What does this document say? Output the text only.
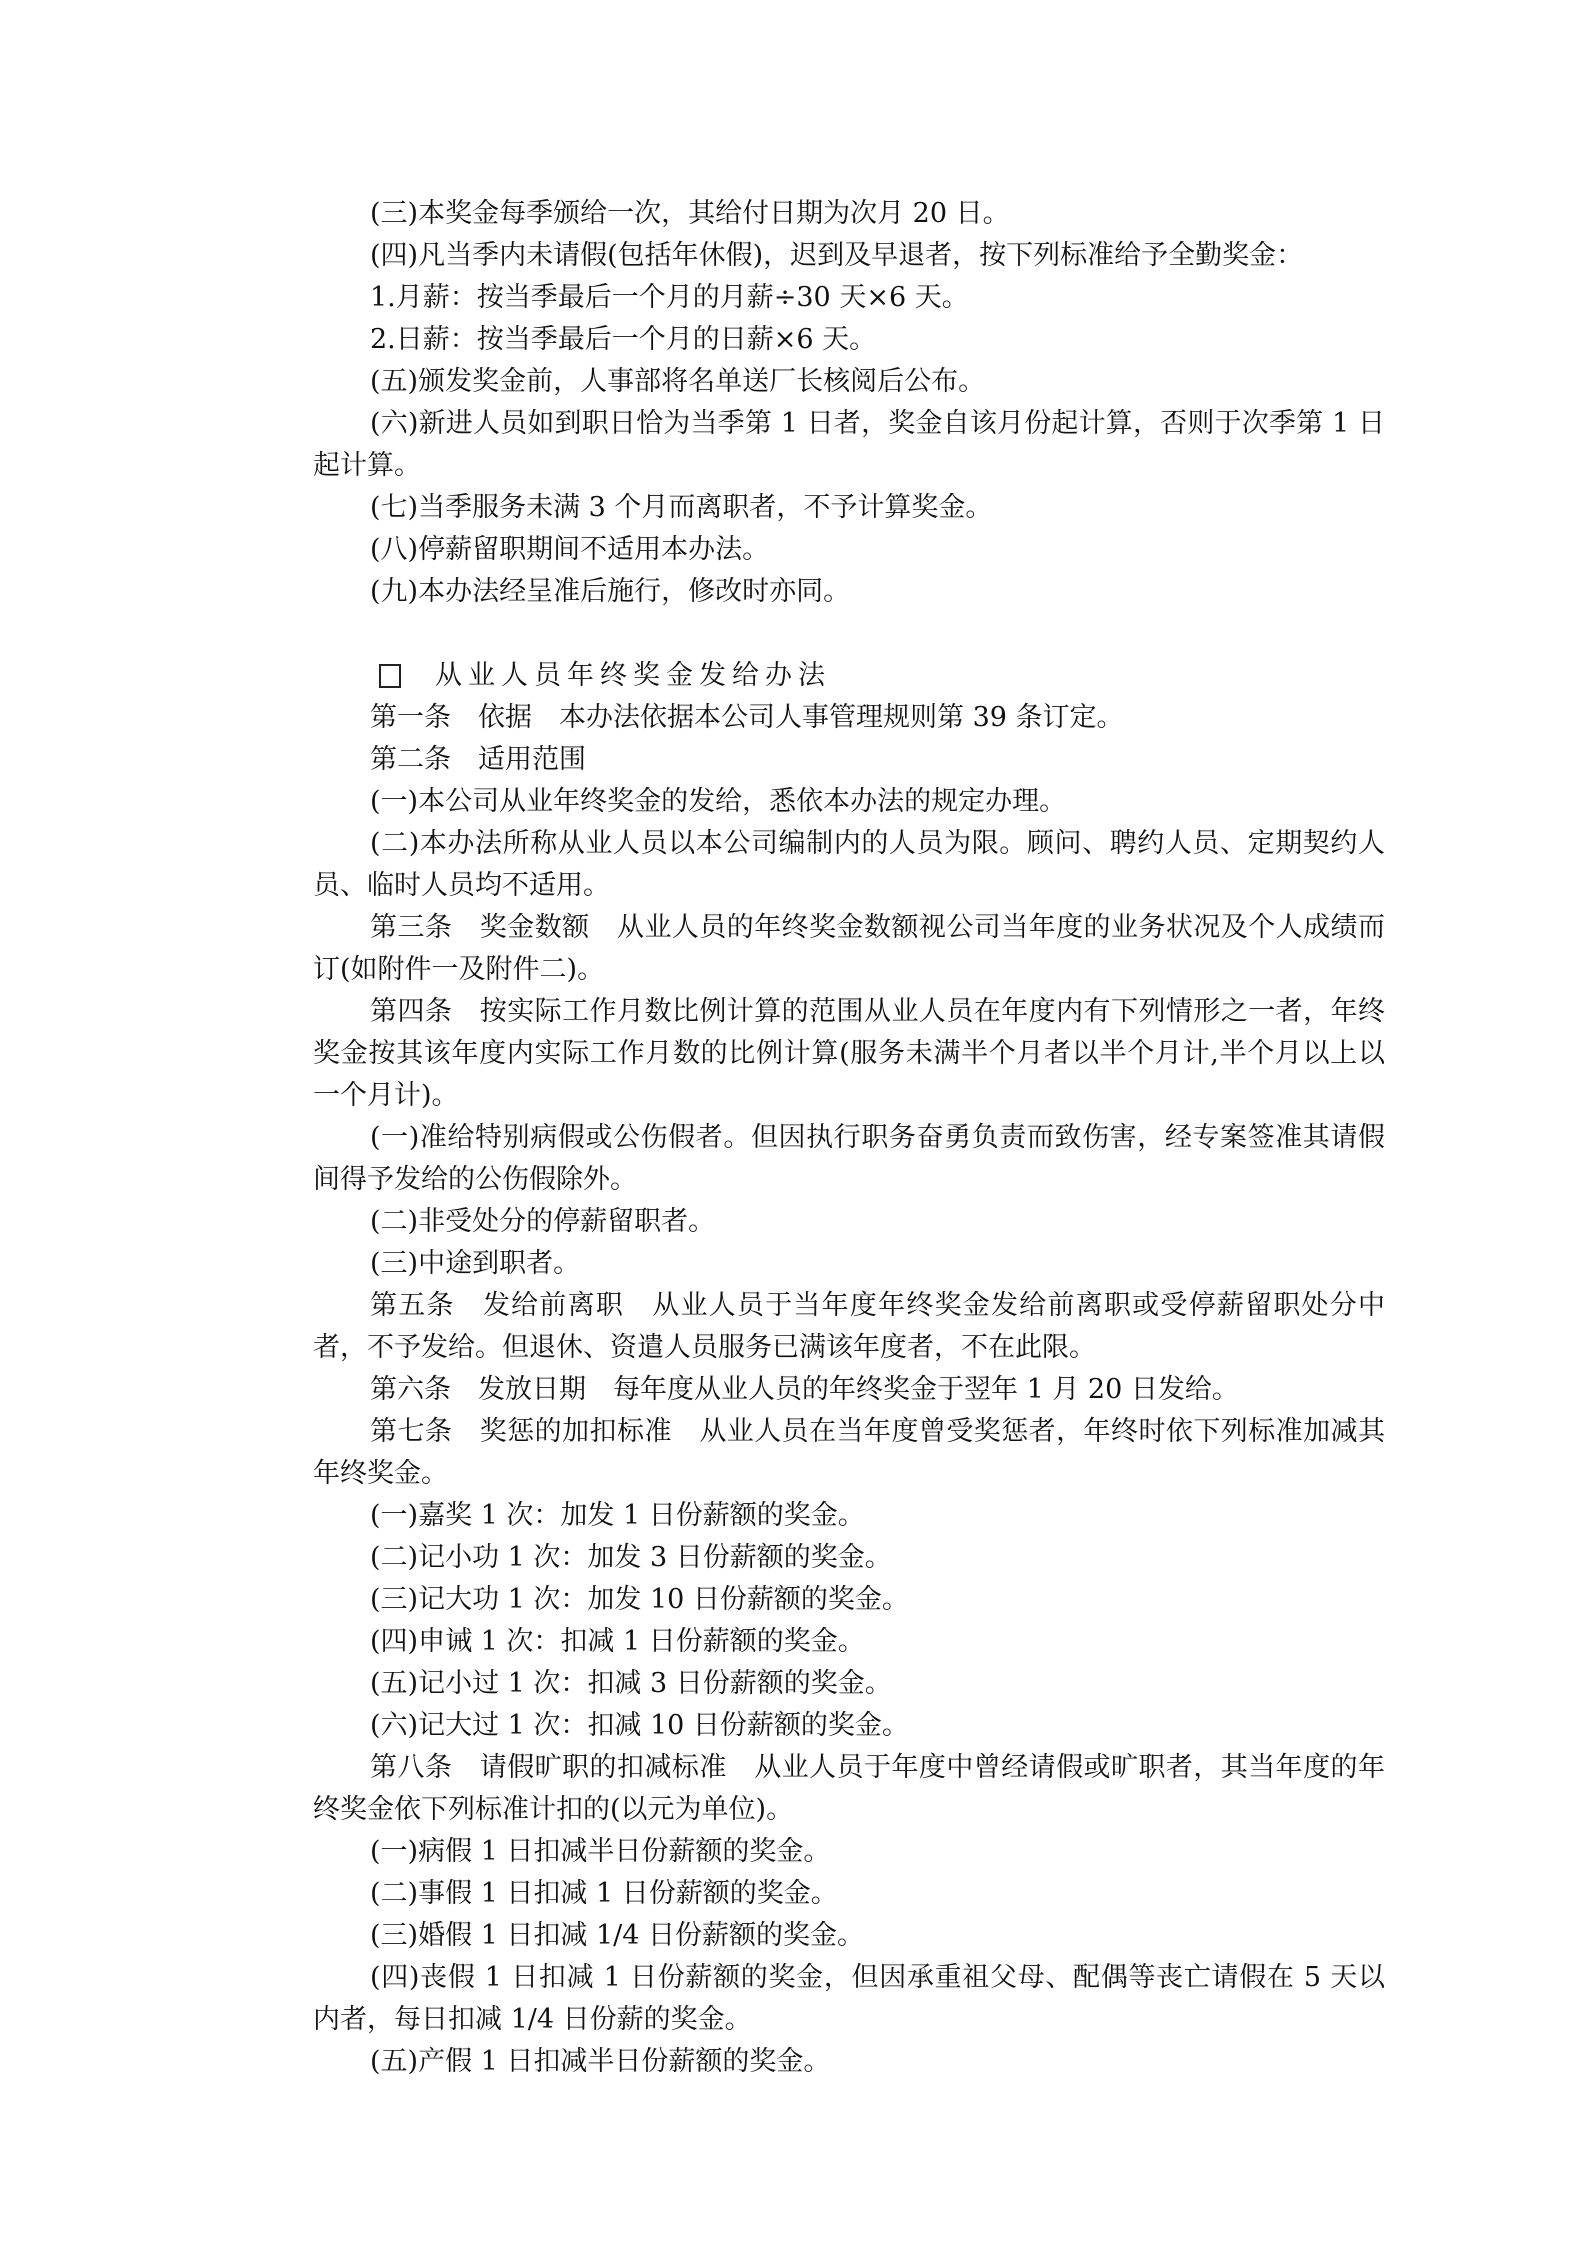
(三)本奖金每季颁给一次，其给付日期为次月 20 日。

(四)凡当季内未请假(包括年休假)，迟到及早退者，按下列标准给予全勤奖金：

1.月薪：按当季最后一个月的月薪÷30 天×6 天。

2.日薪：按当季最后一个月的日薪×6 天。

(五)颁发奖金前，人事部将名单送厂长核阅后公布。

(六)新进人员如到职日恰为当季第 1 日者，奖金自该月份起计算，否则于次季第 1 日起计算。

(七)当季服务未满 3 个月而离职者，不予计算奖金。

(八)停薪留职期间不适用本办法。

(九)本办法经呈准后施行，修改时亦同。

从业人员年终奖金发给办法

第一条　依据　本办法依据本公司人事管理规则第 39 条订定。

第二条　适用范围

(一)本公司从业年终奖金的发给，悉依本办法的规定办理。

(二)本办法所称从业人员以本公司编制内的人员为限。顾问、聘约人员、定期契约人员、临时人员均不适用。

第三条　奖金数额　从业人员的年终奖金数额视公司当年度的业务状况及个人成绩而订(如附件一及附件二)。

第四条　按实际工作月数比例计算的范围从业人员在年度内有下列情形之一者，年终奖金按其该年度内实际工作月数的比例计算(服务未满半个月者以半个月计,半个月以上以一个月计)。

(一)准给特别病假或公伤假者。但因执行职务奋勇负责而致伤害，经专案签准其请假间得予发给的公伤假除外。

(二)非受处分的停薪留职者。

(三)中途到职者。

第五条　发给前离职　从业人员于当年度年终奖金发给前离职或受停薪留职处分中者，不予发给。但退休、资遣人员服务已满该年度者，不在此限。

第六条　发放日期　每年度从业人员的年终奖金于翌年 1 月 20 日发给。

第七条　奖惩的加扣标准　从业人员在当年度曾受奖惩者，年终时依下列标准加减其年终奖金。

(一)嘉奖 1 次：加发 1 日份薪额的奖金。

(二)记小功 1 次：加发 3 日份薪额的奖金。

(三)记大功 1 次：加发 10 日份薪额的奖金。

(四)申诫 1 次：扣减 1 日份薪额的奖金。

(五)记小过 1 次：扣减 3 日份薪额的奖金。

(六)记大过 1 次：扣减 10 日份薪额的奖金。

第八条　请假旷职的扣减标准　从业人员于年度中曾经请假或旷职者，其当年度的年终奖金依下列标准计扣的(以元为单位)。

(一)病假 1 日扣减半日份薪额的奖金。

(二)事假 1 日扣减 1 日份薪额的奖金。

(三)婚假 1 日扣减 1/4 日份薪额的奖金。

(四)丧假 1 日扣减 1 日份薪额的奖金，但因承重祖父母、配偶等丧亡请假在 5 天以内者，每日扣减 1/4 日份薪的奖金。

(五)产假 1 日扣减半日份薪额的奖金。
